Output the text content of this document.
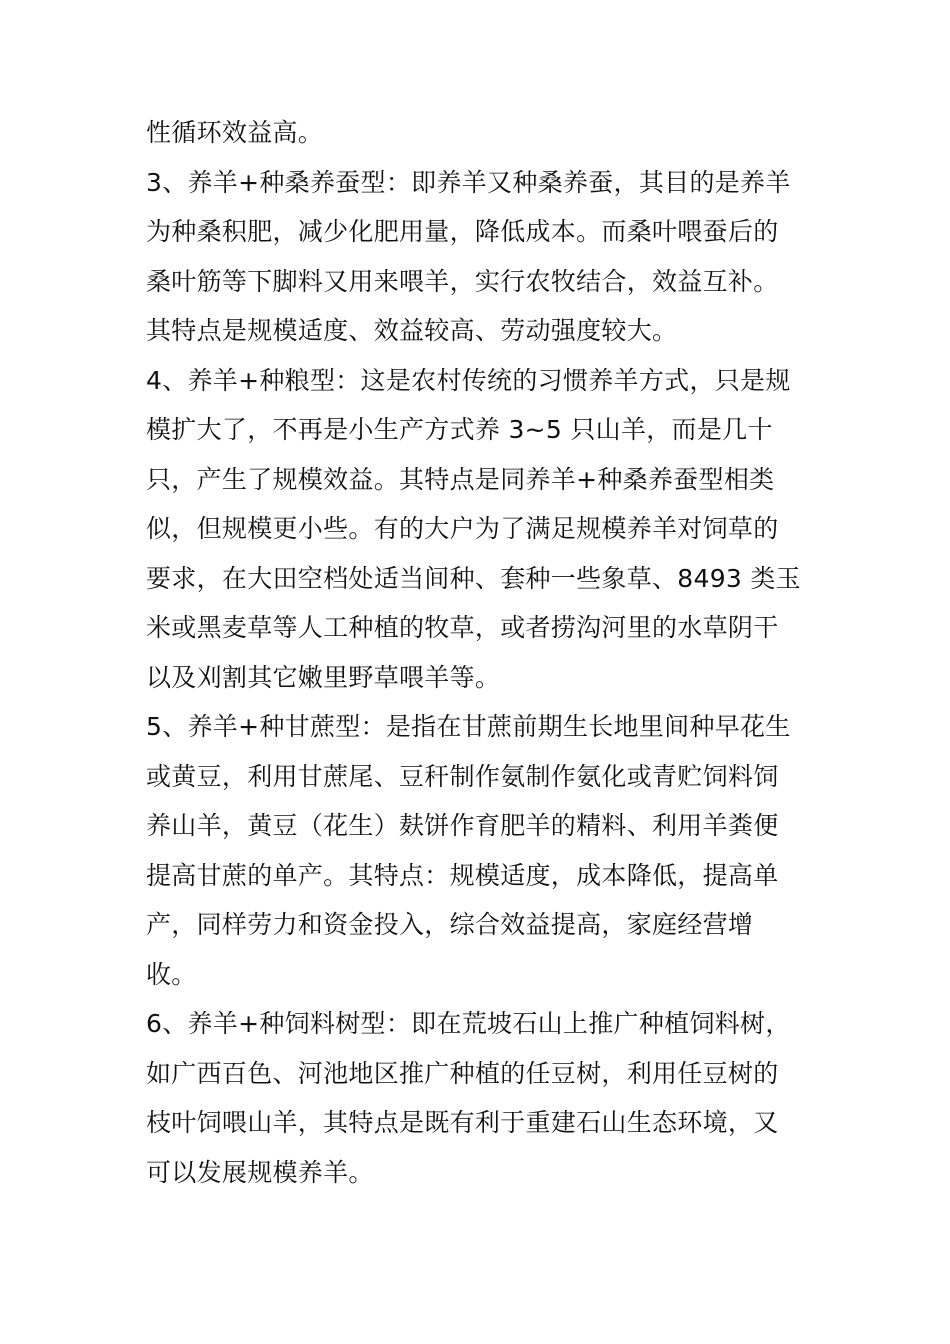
性循环效益高。
3、养羊+种桑养蚕型：即养羊又种桑养蚕，其目的是养羊
为种桑积肥，减少化肥用量，降低成本。而桑叶喂蚕后的
桑叶筋等下脚料又用来喂羊，实行农牧结合，效益互补。
其特点是规模适度、效益较高、劳动强度较大。
4、养羊+种粮型：这是农村传统的习惯养羊方式，只是规
模扩大了，不再是小生产方式养 3~5 只山羊，而是几十
只，产生了规模效益。其特点是同养羊+种桑养蚕型相类
似，但规模更小些。有的大户为了满足规模养羊对饲草的
要求，在大田空档处适当间种、套种一些象草、8493 类玉
米或黑麦草等人工种植的牧草，或者捞沟河里的水草阴干
以及刈割其它嫩里野草喂羊等。
5、养羊+种甘蔗型：是指在甘蔗前期生长地里间种早花生
或黄豆，利用甘蔗尾、豆秆制作氨制作氨化或青贮饲料饲
养山羊，黄豆（花生）麸饼作育肥羊的精料、利用羊粪便
提高甘蔗的单产。其特点：规模适度，成本降低，提高单
产，同样劳力和资金投入，综合效益提高，家庭经营增
收。
6、养羊+种饲料树型：即在荒坡石山上推广种植饲料树，
如广西百色、河池地区推广种植的任豆树，利用任豆树的
枝叶饲喂山羊，其特点是既有利于重建石山生态环境，又
可以发展规模养羊。
